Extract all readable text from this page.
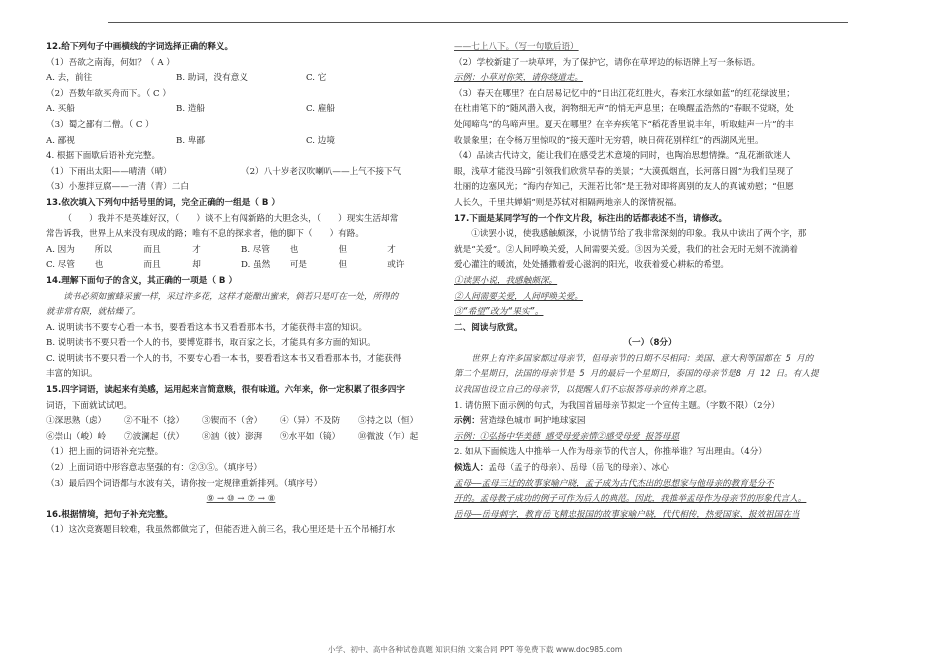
12.给下列句子中画横线的字词选择正确的释义。

（1）吾欲之南海，何如？（ A ）

A. 去，前往	B. 助词，没有意义	C. 它

（2）吾数年欲买舟而下。（ C ）

A. 买船	B. 造船	C. 雇船

（3）蜀之鄙有二僧。（ C ）

A. 鄙视	B. 卑鄙	C. 边境

4. 根据下面歇后语补充完整。

（1）下雨出太阳——晴清（晴）	（2）八十岁老汉吹喇叭——上气不接下气

（3）小葱拌豆腐——一清（青）二白

13.依次填入下列句中括号里的词，完全正确的一组是（ B ）

（　　）我并不是英雄好汉，（　　）谈不上有闯新路的大胆念头，（　　）现实生活却常

常告诉我，世界上从来没有现成的路；唯有不息的探求者，他的脚下（　　）有路。

A. 因为	所以	而且	才	B. 尽管	也	但	才

C. 尽管	也	而且	却	D. 虽然	可是	但	或许

14.理解下面句子的含义，其正确的一项是（ B ）

读书必须如蜜蜂采蜜一样，采过许多花，这样才能酿出蜜来，倘若只是叮在一处，所得的

就非常有限，就枯燥了。

A. 说明读书不要专心看一本书，要看看这本书又看看那本书，才能获得丰富的知识。

B. 说明读书不要只看一个人的书，要博览群书，取百家之长，才能具有多方面的知识。

C. 说明读书不要只看一个人的书，不要专心看一本书，要看看这本书又看看那本书，才能获得

丰富的知识。

15.四字词语，读起来有美感，运用起来言简意赅，很有味道。六年来，你一定积累了很多四字

词语，下面就试试吧。

①深思熟（虑）	②不耻不（捻）	③锲而不（舍）	④（异）不及防	⑤持之以（恒）

⑥崇山（峻）岭	⑦波澜起（伏）	⑧汹（彼）澎湃	⑨水平如（镜）	⑩微波（乍）起

（1）把上面的词语补充完整。

（2）上面词语中形容意志坚强的有：②③⑤。（填序号）

（3）最后四个词语都与水波有关，请你按一定规律重新排列。（填序号）

⑨ → ⑩ → ⑦ → ⑧

16.根据情境，把句子补充完整。

（1）这次竞赛题目较难，我虽然都做完了，但能否进入前三名，我心里还是十五个吊桶打水

——七上八下。（写一句歇后语）

（2）学校新建了一块草坪，为了保护它，请你在草坪边的标语牌上写一条标语。

示例：小草对你笑，请你绕道走。

（3）春天在哪里？在白居易记忆中的“日出江花红胜火，春来江水绿如蓝”的红花绿波里；

在杜甫笔下的“随风潜入夜，润物细无声”的悄无声息里；在唤醒孟浩然的“春眠不觉晓，处

处闻啼鸟”的鸟啼声里。夏天在哪里？在辛弃疾笔下“稻花香里说丰年，听取蛙声一片”的丰

收景象里；在令杨万里惊叹的“接天莲叶无穷碧，映日荷花别样红”的西湖风光里。

（4）品读古代诗文，能让我们在感受艺术意境的同时，也陶冶思想情操。“乱花渐欲迷人

眼，浅草才能没马蹄”引领我们欣赏早春的美景；“大漠孤烟直，长河落日圆”为我们呈现了

壮丽的边塞风光；“海内存知己，天涯若比邻”是王勃对即将离别的友人的真诚劝慰；“但愿

人长久，千里共婵娟”则是苏轼对相隔两地亲人的深情祝福。

17.下面是某同学写的一个作文片段，标注出的话都表述不当，请修改。

①读罢小说，使我感触颇深，小说情节给了我非常深刻的印象。我从中读出了两个字，那

就是“关爱”。②人间呼唤关爱，人间需要关爱。③因为关爱，我们的社会无时无刻不流淌着

爱心灌注的暖流，处处播撒着爱心滋润的阳光，收获着爱心耕耘的希望。

①读罢小说，我感触颇深。

②人间需要关爱，人间呼唤关爱。

③“希望”改为“果实”。

二、阅读与欣赏。

（一）（8分）

世界上有许多国家都过母亲节，但母亲节的日期不尽相同：美国、意大利等国都在 5 月的

第二个星期日，法国的母亲节是 5 月的最后一个星期日，泰国的母亲节是8 月 12 日。有人提

议我国也设立自己的母亲节，以提醒人们不忘报答母亲的养育之恩。

1. 请仿照下面示例的句式，为我国首届母亲节拟定一个宣传主题。（字数不限）（2分）

示例：营造绿色城市 呵护地球家园

示例：①弘扬中华美德 感受母爱亲情②感受母爱 报答母恩

2. 如从下面候选人中推举一人作为母亲节的代言人，你推举谁？写出理由。（4分）

候选人：孟母（孟子的母亲）、岳母（岳飞的母亲）、冰心

孟母——孟母三迁的故事家喻户晓，孟子成为古代杰出的思想家与他母亲的教育是分不

开的。孟母教子成功的例子可作为后人的典范。因此，我推举孟母作为母亲节的形象代言人。

岳母——岳母刺字，教育岳飞精忠报国的故事家喻户晓，代代相传，热爱国家、报效祖国在当

小学、初中、高中各种试卷真题 知识归纳 文案合同 PPT 等免费下载 www.doc985.com
